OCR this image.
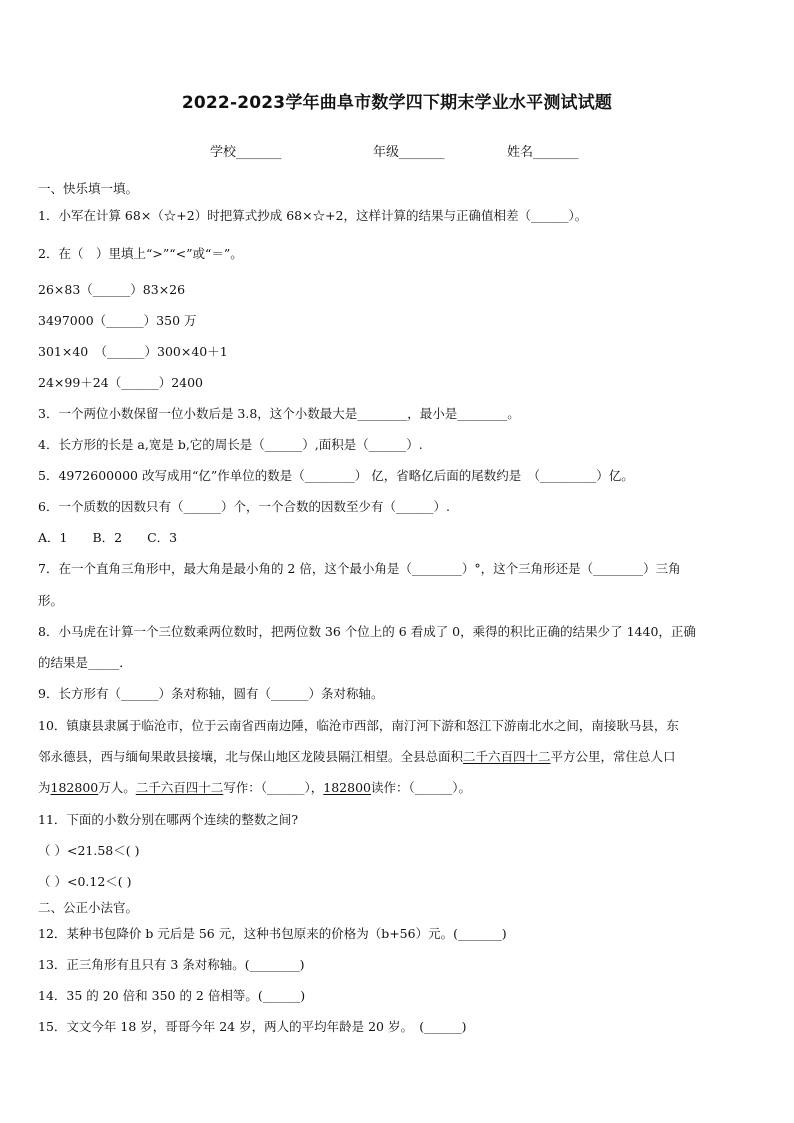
2022-2023学年曲阜市数学四下期末学业水平测试试题
学校_______	年级_______	姓名_______
一、快乐填一填。
1．小军在计算 68×（☆+2）时把算式抄成 68×☆+2，这样计算的结果与正确值相差（______）。
2．在（　）里填上“>”“<”或“＝”。
26×83（______）83×26
3497000（______）350 万
301×40　（______）300×40＋1
24×99＋24（______）2400
3．一个两位小数保留一位小数后是 3.8，这个小数最大是________，最小是________。
4．长方形的长是 a,宽是 b,它的周长是（______）,面积是（______）.
5．4972600000 改写成用“亿”作单位的数是（________） 亿，省略亿后面的尾数约是　（_________）亿。
6．一个质数的因数只有（______）个，一个合数的因数至少有（______）.
A．1　　B．2　　C．3
7．在一个直角三角形中，最大角是最小角的 2 倍，这个最小角是（________）°，这个三角形还是（________）三角
形。
8．小马虎在计算一个三位数乘两位数时，把两位数 36 个位上的 6 看成了 0，乘得的积比正确的结果少了 1440，正确
的结果是_____．
9．长方形有（______）条对称轴，圆有（______）条对称轴。
10．镇康县隶属于临沧市，位于云南省西南边陲，临沧市西部，南汀河下游和怒江下游南北水之间，南接耿马县，东
邻永德县，西与缅甸果敢县接壤，北与保山地区龙陵县隔江相望。全县总面积二千六百四十二平方公里，常住总人口
为182800万人。二千六百四十二写作：（______），182800读作：（______）。
11．下面的小数分别在哪两个连续的整数之间?
（ ）<21.58＜( )
（ ）<0.12＜( )
二、公正小法官。
12．某种书包降价 b 元后是 56 元，这种书包原来的价格为（b+56）元。(_______)
13．正三角形有且只有 3 条对称轴。(________)
14．35 的 20 倍和 350 的 2 倍相等。(______)
15．文文今年 18 岁，哥哥今年 24 岁，两人的平均年龄是 20 岁。　(______)
